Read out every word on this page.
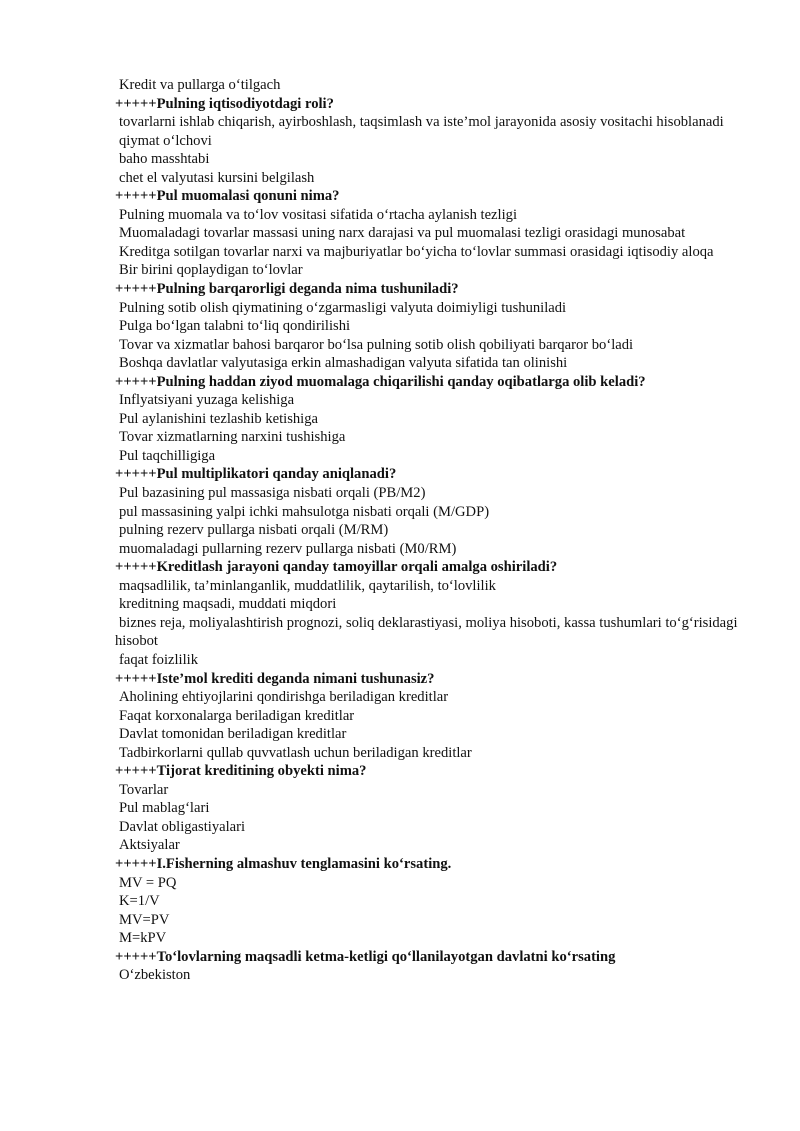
Kredit va pullarga o‘tilgach

+++++Pulning iqtisodiyotdagi roli?

tovarlarni ishlab chiqarish, ayirboshlash, taqsimlash va iste’mol jarayonida asosiy vositachi hisoblanadi

qiymat o‘lchovi

baho masshtabi

chet el valyutasi kursini belgilash

+++++Pul muomalasi qonuni nima?

Pulning muomala va to‘lov vositasi sifatida o‘rtacha aylanish tezligi

Muomaladagi tovarlar massasi uning narx darajasi va pul muomalasi tezligi orasidagi munosabat

Kreditga sotilgan tovarlar narxi va majburiyatlar bo‘yicha to‘lovlar summasi orasidagi iqtisodiy aloqa

Bir birini qoplaydigan to‘lovlar

+++++Pulning barqarorligi deganda nima tushuniladi?

Pulning sotib olish qiymatining o‘zgarmasligi valyuta doimiyligi tushuniladi

Pulga bo‘lgan talabni to‘liq qondirilishi

Tovar va xizmatlar bahosi barqaror bo‘lsa pulning sotib olish qobiliyati barqaror bo‘ladi

Boshqa davlatlar valyutasiga erkin almashadigan valyuta sifatida tan olinishi

+++++Pulning haddan ziyod muomalaga chiqarilishi qanday oqibatlarga olib keladi?

Inflyatsiyani yuzaga kelishiga

Pul aylanishini tezlashib ketishiga

Tovar xizmatlarning narxini tushishiga

Pul taqchilligiga

+++++Pul multiplikatori qanday aniqlanadi?

Pul bazasining pul massasiga nisbati orqali (PB/M2)

pul massasining yalpi ichki mahsulotga nisbati orqali (M/GDP)

pulning rezerv pullarga nisbati orqali (M/RM)

muomaladagi pullarning rezerv pullarga nisbati (M0/RM)

+++++Kreditlash jarayoni qanday tamoyillar orqali amalga oshiriladi?

maqsadlilik, ta’minlanganlik, muddatlilik, qaytarilish, to‘lovlilik

kreditning maqsadi, muddati miqdori

biznes reja, moliyalashtirish prognozi, soliq deklarastiyasi, moliya hisoboti, kassa tushumlari to‘g‘risidagi hisobot

faqat foizlilik

+++++Iste’mol krediti deganda nimani tushunasiz?

Aholining ehtiyojlarini qondirishga beriladigan kreditlar

Faqat korxonalarga beriladigan kreditlar

Davlat tomonidan beriladigan kreditlar

Tadbirkorlarni qullab quvvatlash uchun beriladigan kreditlar

+++++Tijorat kreditining obyekti nima?

Tovarlar

Pul mablag‘lari

Davlat obligastiyalari

Aktsiyalar

+++++I.Fisherning almashuv tenglamasini ko‘rsating.

MV = PQ

K=1/V

MV=PV

M=kPV

+++++To‘lovlarning maqsadli ketma-ketligi qo‘llanilayotgan davlatni ko‘rsating

O‘zbekiston
